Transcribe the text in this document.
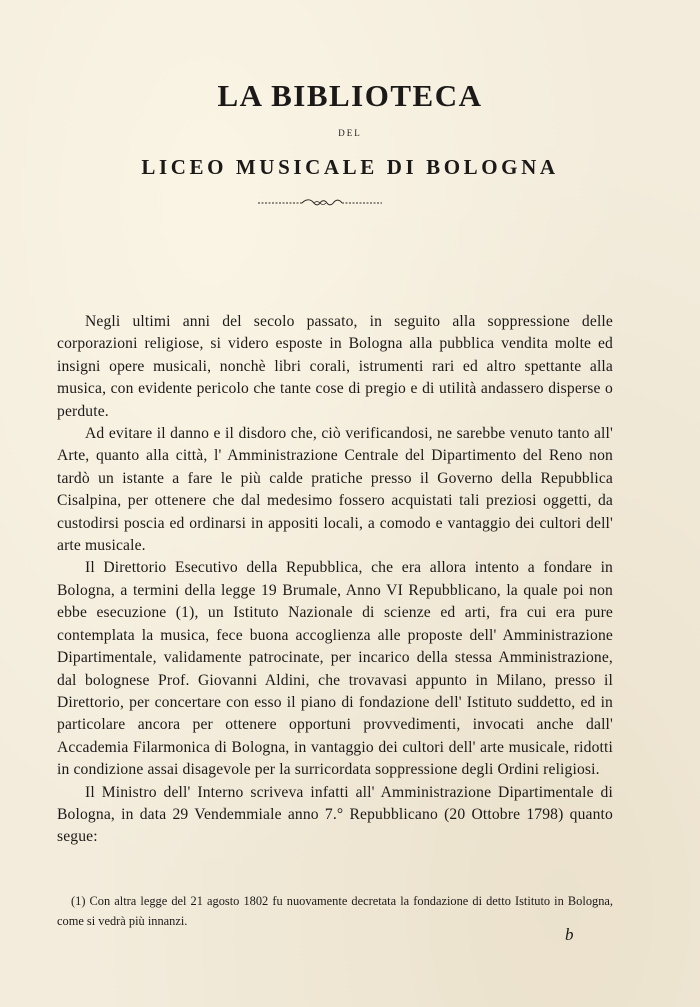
LA BIBLIOTECA
DEL
LICEO MUSICALE DI BOLOGNA

Negli ultimi anni del secolo passato, in seguito alla soppressione delle corporazioni religiose, si videro esposte in Bologna alla pubblica vendita molte ed insigni opere musicali, nonchè libri corali, istrumenti rari ed altro spettante alla musica, con evidente pericolo che tante cose di pregio e di utilità andassero disperse o perdute.

Ad evitare il danno e il disdoro che, ciò verificandosi, ne sarebbe venuto tanto all' Arte, quanto alla città, l' Amministrazione Centrale del Dipartimento del Reno non tardò un istante a fare le più calde pratiche presso il Governo della Repubblica Cisalpina, per ottenere che dal medesimo fossero acquistati tali preziosi oggetti, da custodirsi poscia ed ordinarsi in appositi locali, a comodo e vantaggio dei cultori dell' arte musicale.

Il Direttorio Esecutivo della Repubblica, che era allora intento a fondare in Bologna, a termini della legge 19 Brumale, Anno VI Repubblicano, la quale poi non ebbe esecuzione (1), un Istituto Nazionale di scienze ed arti, fra cui era pure contemplata la musica, fece buona accoglienza alle proposte dell' Amministrazione Dipartimentale, validamente patrocinate, per incarico della stessa Amministrazione, dal bolognese Prof. Giovanni Aldini, che trovavasi appunto in Milano, presso il Direttorio, per concertare con esso il piano di fondazione dell' Istituto suddetto, ed in particolare ancora per ottenere opportuni provvedimenti, invocati anche dall' Accademia Filarmonica di Bologna, in vantaggio dei cultori dell' arte musicale, ridotti in condizione assai disagevole per la surricordata soppressione degli Ordini religiosi.

Il Ministro dell' Interno scriveva infatti all' Amministrazione Dipartimentale di Bologna, in data 29 Vendemmiale anno 7.° Repubblicano (20 Ottobre 1798) quanto segue:

(1) Con altra legge del 21 agosto 1802 fu nuovamente decretata la fondazione di detto Istituto in Bologna, come si vedrà più innanzi.

b
